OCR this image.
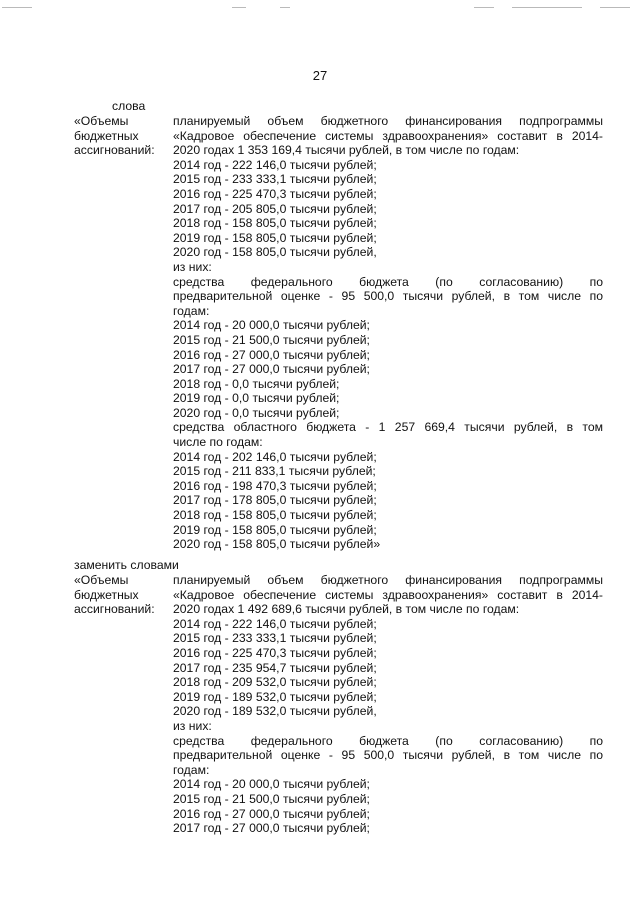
27
слова
«Объемы
бюджетных
ассигнований:
планируемый объем бюджетного финансирования подпрограммы
«Кадровое обеспечение системы здравоохранения» составит в 2014-
2020 годах 1 353 169,4 тысячи рублей, в том числе по годам:
2014 год - 222 146,0 тысячи рублей;
2015 год - 233 333,1 тысячи рублей;
2016 год - 225 470,3 тысячи рублей;
2017 год - 205 805,0 тысячи рублей;
2018 год - 158 805,0 тысячи рублей;
2019 год - 158 805,0 тысячи рублей;
2020 год - 158 805,0 тысячи рублей,
из них:
средства федерального бюджета (по согласованию) по
предварительной оценке - 95 500,0 тысячи рублей, в том числе по
годам:
2014 год - 20 000,0 тысячи рублей;
2015 год - 21 500,0 тысячи рублей;
2016 год - 27 000,0 тысячи рублей;
2017 год - 27 000,0 тысячи рублей;
2018 год - 0,0 тысячи рублей;
2019 год - 0,0 тысячи рублей;
2020 год - 0,0 тысячи рублей;
средства областного бюджета - 1 257 669,4 тысячи рублей, в том
числе по годам:
2014 год - 202 146,0 тысячи рублей;
2015 год - 211 833,1 тысячи рублей;
2016 год - 198 470,3 тысячи рублей;
2017 год - 178 805,0 тысячи рублей;
2018 год - 158 805,0 тысячи рублей;
2019 год - 158 805,0 тысячи рублей;
2020 год - 158 805,0 тысячи рублей»
заменить словами
«Объемы
бюджетных
ассигнований:
планируемый объем бюджетного финансирования подпрограммы
«Кадровое обеспечение системы здравоохранения» составит в 2014-
2020 годах 1 492 689,6 тысячи рублей, в том числе по годам:
2014 год - 222 146,0 тысячи рублей;
2015 год - 233 333,1 тысячи рублей;
2016 год - 225 470,3 тысячи рублей;
2017 год - 235 954,7 тысячи рублей;
2018 год - 209 532,0 тысячи рублей;
2019 год - 189 532,0 тысячи рублей;
2020 год - 189 532,0 тысячи рублей,
из них:
средства федерального бюджета (по согласованию) по
предварительной оценке - 95 500,0 тысячи рублей, в том числе по
годам:
2014 год - 20 000,0 тысячи рублей;
2015 год - 21 500,0 тысячи рублей;
2016 год - 27 000,0 тысячи рублей;
2017 год - 27 000,0 тысячи рублей;
